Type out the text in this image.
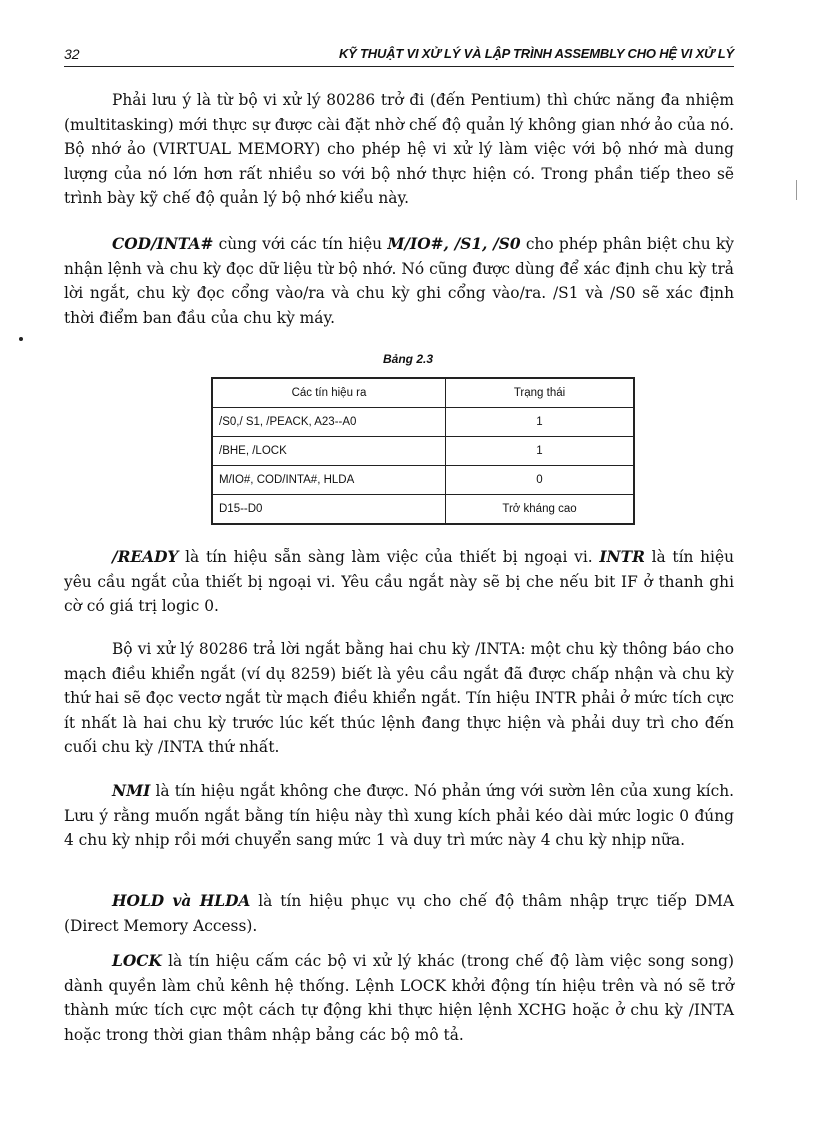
32	KỸ THUẬT VI XỬ LÝ VÀ LẬP TRÌNH ASSEMBLY CHO HỆ VI XỬ LÝ

Phải lưu ý là từ bộ vi xử lý 80286 trở đi (đến Pentium) thì chức năng đa nhiệm (multitasking) mới thực sự được cài đặt nhờ chế độ quản lý không gian nhớ ảo của nó. Bộ nhớ ảo (VIRTUAL MEMORY) cho phép hệ vi xử lý làm việc với bộ nhớ mà dung lượng của nó lớn hơn rất nhiều so với bộ nhớ thực hiện có. Trong phần tiếp theo sẽ trình bày kỹ chế độ quản lý bộ nhớ kiểu này.

COD/INTA# cùng với các tín hiệu M/IO#, /S1, /S0 cho phép phân biệt chu kỳ nhận lệnh và chu kỳ đọc dữ liệu từ bộ nhớ. Nó cũng được dùng để xác định chu kỳ trả lời ngắt, chu kỳ đọc cổng vào/ra và chu kỳ ghi cổng vào/ra. /S1 và /S0 sẽ xác định thời điểm ban đầu của chu kỳ máy.

Bảng 2.3
Các tín hiệu ra	Trạng thái
/S0,/ S1, /PEACK, A23--A0	1
/BHE, /LOCK	1
M/IO#, COD/INTA#, HLDA	0
D15--D0	Trở kháng cao

/READY là tín hiệu sẵn sàng làm việc của thiết bị ngoại vi. INTR là tín hiệu yêu cầu ngắt của thiết bị ngoại vi. Yêu cầu ngắt này sẽ bị che nếu bit IF ở thanh ghi cờ có giá trị logic 0.

Bộ vi xử lý 80286 trả lời ngắt bằng hai chu kỳ /INTA: một chu kỳ thông báo cho mạch điều khiển ngắt (ví dụ 8259) biết là yêu cầu ngắt đã được chấp nhận và chu kỳ thứ hai sẽ đọc vectơ ngắt từ mạch điều khiển ngắt. Tín hiệu INTR phải ở mức tích cực ít nhất là hai chu kỳ trước lúc kết thúc lệnh đang thực hiện và phải duy trì cho đến cuối chu kỳ /INTA thứ nhất.

NMI là tín hiệu ngắt không che được. Nó phản ứng với sườn lên của xung kích. Lưu ý rằng muốn ngắt bằng tín hiệu này thì xung kích phải kéo dài mức logic 0 đúng 4 chu kỳ nhịp rồi mới chuyển sang mức 1 và duy trì mức này 4 chu kỳ nhịp nữa.

HOLD và HLDA là tín hiệu phục vụ cho chế độ thâm nhập trực tiếp DMA (Direct Memory Access).

LOCK là tín hiệu cấm các bộ vi xử lý khác (trong chế độ làm việc song song) dành quyền làm chủ kênh hệ thống. Lệnh LOCK khởi động tín hiệu trên và nó sẽ trở thành mức tích cực một cách tự động khi thực hiện lệnh XCHG hoặc ở chu kỳ /INTA hoặc trong thời gian thâm nhập bảng các bộ mô tả.
